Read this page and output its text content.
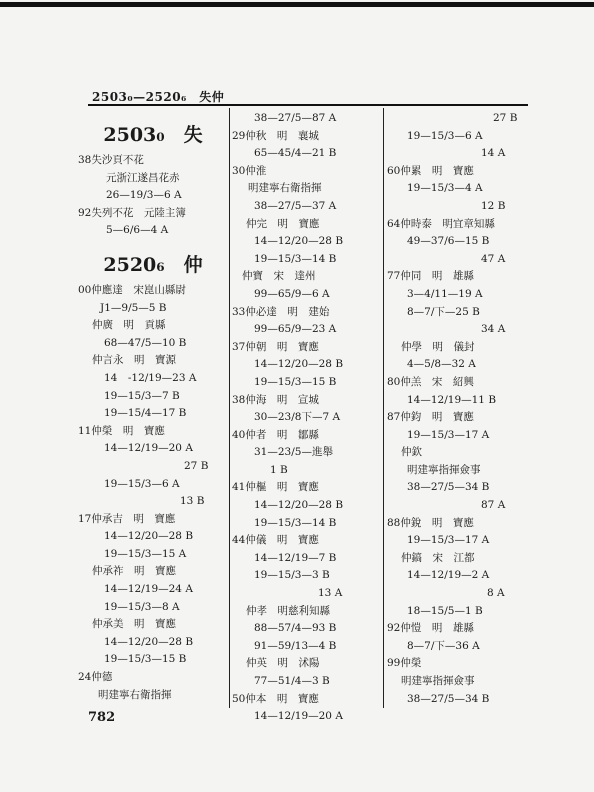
2503₀—2520₆　失仲
2503₀　失
38失沙頁不花
元浙江遂昌花赤
26—19/3—6 A
92失列不花　元陸主簿
5—6/6—4 A
2520₆　仲
00仲應達　宋崑山縣尉
J1—9/5—5 B
仲廣　明　貢縣
68—47/5—10 B
仲言永　明　寶源
14　-12/19—23 A
19—15/3—7 B
19—15/4—17 B
11仲榮　明　寶應
14—12/19—20 A
27 B
19—15/3—6 A
13 B
17仲承吉　明　寶應
14—12/20—28 B
19—15/3—15 A
仲承祚　明　寶應
14—12/19—24 A
19—15/3—8 A
仲承美　明　寶應
14—12/20—28 B
19—15/3—15 B
24仲德
明建寧右衛指揮
38—27/5—87 A
29仲秋　明　襄城
65—45/4—21 B
30仲淮
明建寧右衛指揮
38—27/5—37 A
仲完　明　寶應
14—12/20—28 B
19—15/3—14 B
仲寶　宋　達州
99—65/9—6 A
33仲必達　明　建始
99—65/9—23 A
37仲朝　明　寶應
14—12/20—28 B
19—15/3—15 B
38仲海　明　宣城
30—23/8下—7 A
40仲者　明　鄒縣
31—23/5—進舉
1 B
41仲樞　明　寶應
14—12/20—28 B
19—15/3—14 B
44仲儀　明　寶應
14—12/19—7 B
19—15/3—3 B
13 A
仲孝　明慈利知縣
88—57/4—93 B
91—59/13—4 B
仲英　明　沭陽
77—51/4—3 B
50仲本　明　寶應
14—12/19—20 A
27 B
19—15/3—6 A
14 A
60仲累　明　寶應
19—15/3—4 A
12 B
64仲時泰　明宜章知縣
49—37/6—15 B
47 A
77仲同　明　雄縣
3—4/11—19 A
8—7/下—25 B
34 A
仲學　明　儀封
4—5/8—32 A
80仲羔　宋　紹興
14—12/19—11 B
87仲鈞　明　寶應
19—15/3—17 A
仲欽
明建寧指揮僉事
38—27/5—34 B
87 A
88仲銳　明　寶應
19—15/3—17 A
仲鎬　宋　江都
14—12/19—2 A
8 A
18—15/5—1 B
92仲愷　明　雄縣
8—7/下—36 A
99仲榮
明建寧指揮僉事
38—27/5—34 B
782
